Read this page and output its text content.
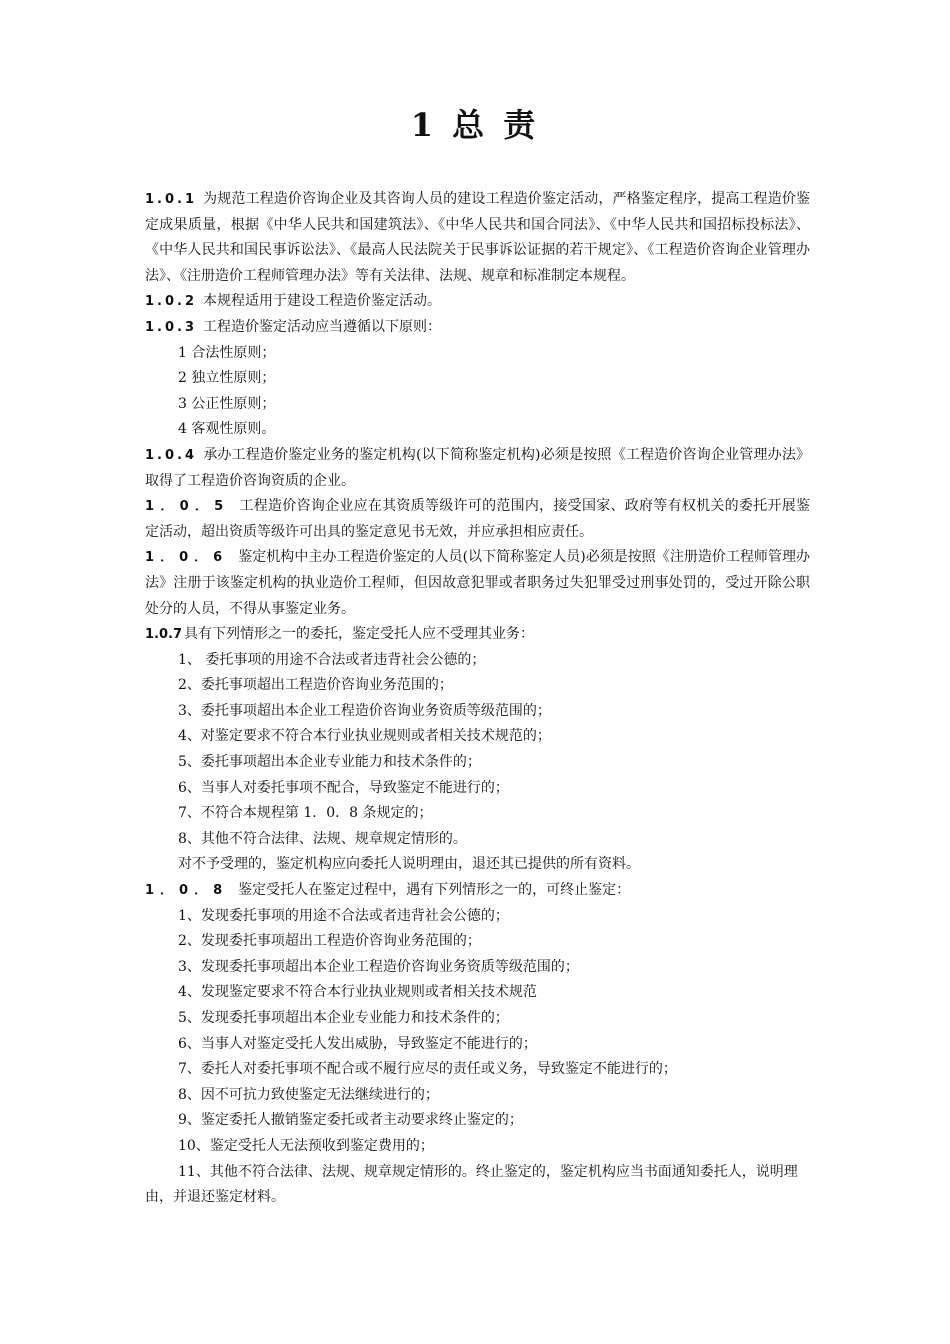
1 总 责

1.0.1 为规范工程造价咨询企业及其咨询人员的建设工程造价鉴定活动，严格鉴定程序，提高工程造价鉴定成果质量，根据《中华人民共和国建筑法》、《中华人民共和国合同法》、《中华人民共和国招标投标法》、《中华人民共和国民事诉讼法》、《最高人民法院关于民事诉讼证据的若干规定》、《工程造价咨询企业管理办法》、《注册造价工程师管理办法》等有关法律、法规、规章和标准制定本规程。

1.0.2 本规程适用于建设工程造价鉴定活动。

1.0.3 工程造价鉴定活动应当遵循以下原则：

1 合法性原则；

2 独立性原则；

3 公正性原则；

4 客观性原则。

1.0.4 承办工程造价鉴定业务的鉴定机构(以下简称鉴定机构)必须是按照《工程造价咨询企业管理办法》取得了工程造价咨询资质的企业。

1．0．5 工程造价咨询企业应在其资质等级许可的范围内，接受国家、政府等有权机关的委托开展鉴定活动，超出资质等级许可出具的鉴定意见书无效，并应承担相应责任。

1．0．6 鉴定机构中主办工程造价鉴定的人员(以下简称鉴定人员)必须是按照《注册造价工程师管理办法》注册于该鉴定机构的执业造价工程师，但因故意犯罪或者职务过失犯罪受过刑事处罚的，受过开除公职处分的人员，不得从事鉴定业务。

1.0.7 具有下列情形之一的委托，鉴定受托人应不受理其业务：

1、 委托事项的用途不合法或者违背社会公德的；

2、委托事项超出工程造价咨询业务范围的；

3、委托事项超出本企业工程造价咨询业务资质等级范围的；

4、对鉴定要求不符合本行业执业规则或者相关技术规范的；

5、委托事项超出本企业专业能力和技术条件的；

6、当事人对委托事项不配合，导致鉴定不能进行的；

7、不符合本规程第 1．0．8 条规定的；

8、其他不符合法律、法规、规章规定情形的。

对不予受理的，鉴定机构应向委托人说明理由，退还其已提供的所有资料。

1．0．8 鉴定受托人在鉴定过程中，遇有下列情形之一的，可终止鉴定：

1、发现委托事项的用途不合法或者违背社会公德的；

2、发现委托事项超出工程造价咨询业务范围的；

3、发现委托事项超出本企业工程造价咨询业务资质等级范围的；

4、发现鉴定要求不符合本行业执业规则或者相关技术规范

5、发现委托事项超出本企业专业能力和技术条件的；

6、当事人对鉴定受托人发出威胁，导致鉴定不能进行的；

7、委托人对委托事项不配合或不履行应尽的责任或义务，导致鉴定不能进行的；

8、因不可抗力致使鉴定无法继续进行的；

9、鉴定委托人撤销鉴定委托或者主动要求终止鉴定的；

10、鉴定受托人无法预收到鉴定费用的；

11、其他不符合法律、法规、规章规定情形的。终止鉴定的，鉴定机构应当书面通知委托人，说明理由，并退还鉴定材料。
